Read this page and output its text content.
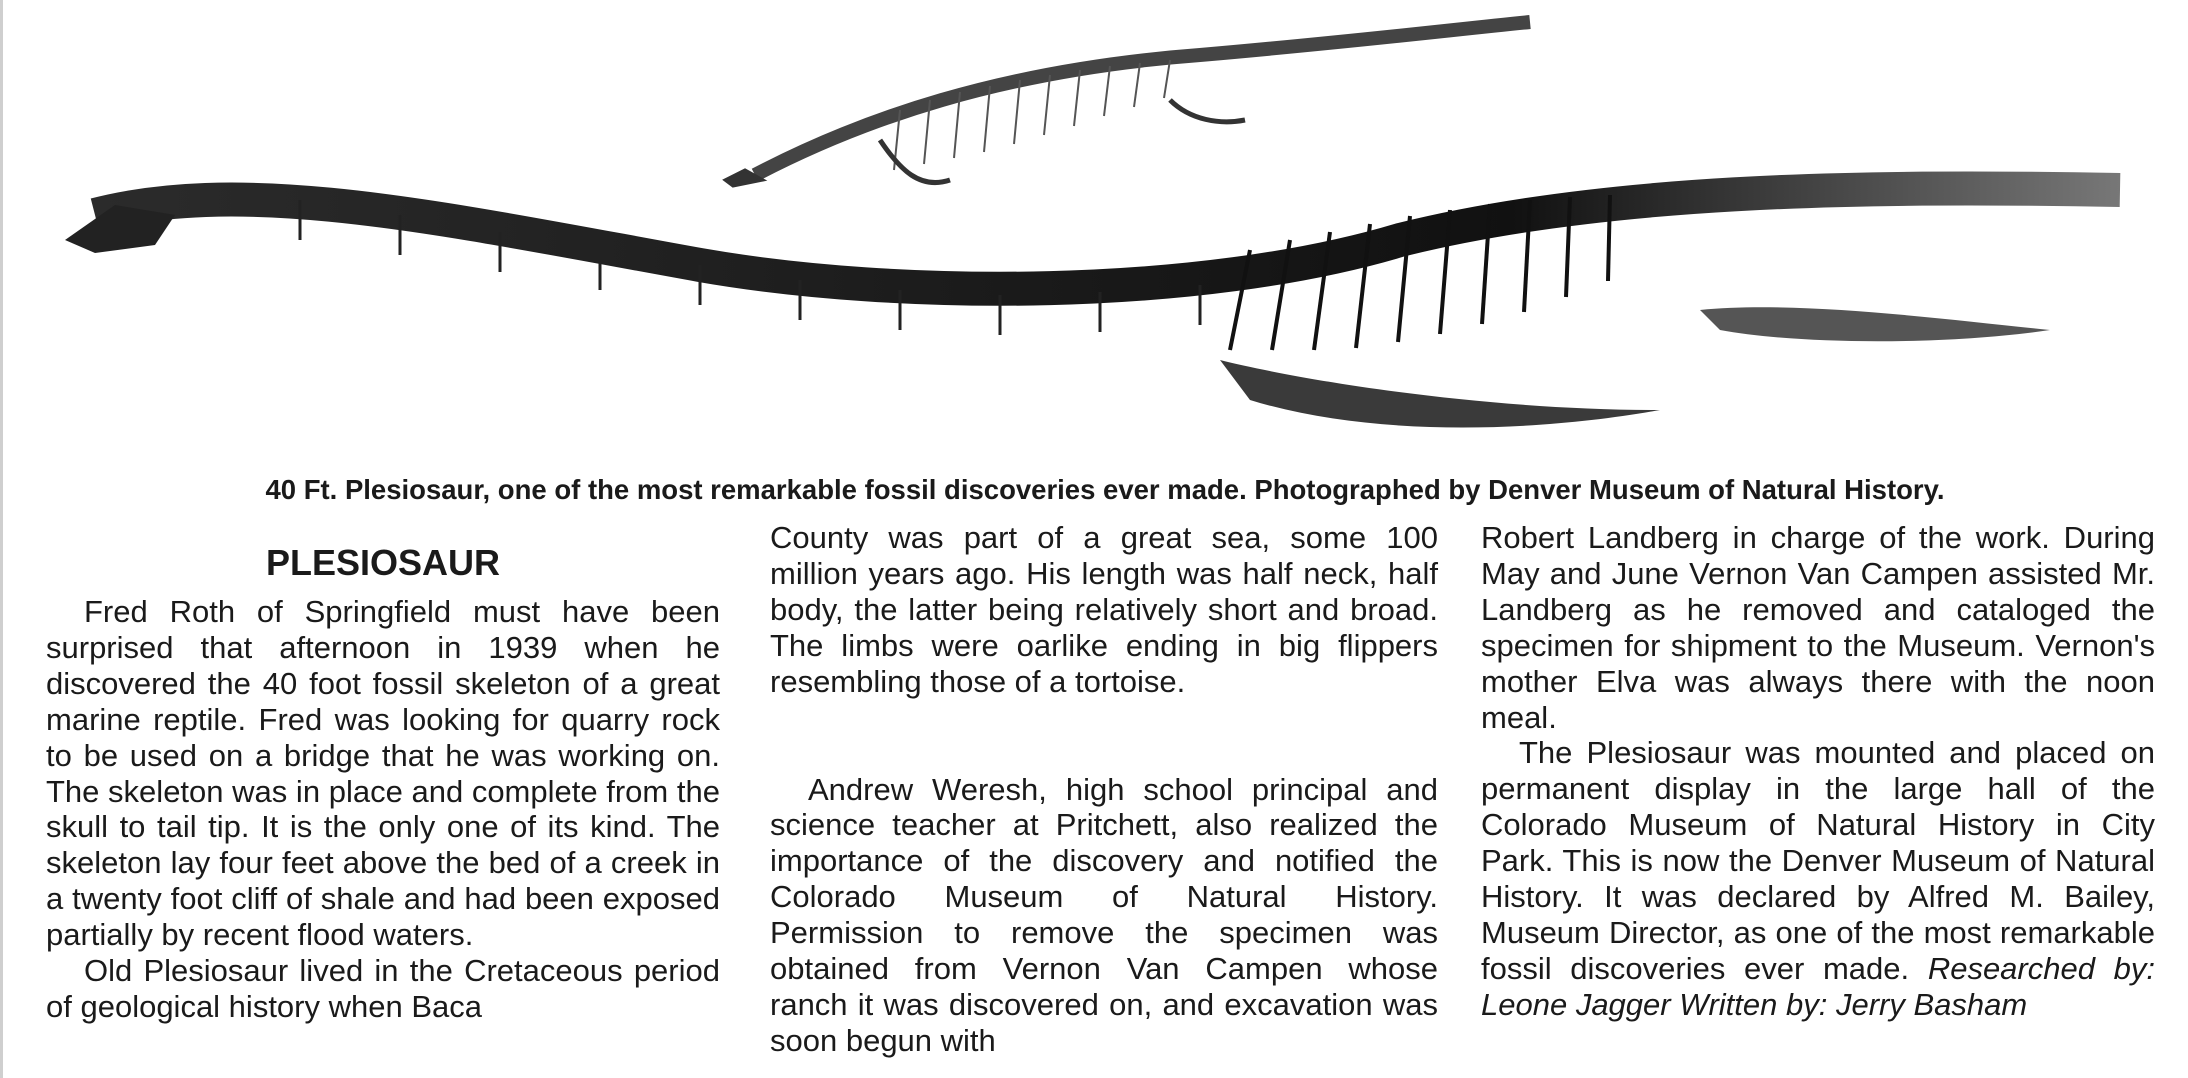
40 Ft. Plesiosaur, one of the most remarkable fossil discoveries ever made. Photographed by Denver Museum of Natural History.
PLESIOSAUR

Fred Roth of Springfield must have been surprised that afternoon in 1939 when he discovered the 40 foot fossil skeleton of a great marine reptile. Fred was looking for quarry rock to be used on a bridge that he was working on. The skeleton was in place and complete from the skull to tail tip. It is the only one of its kind. The skeleton lay four feet above the bed of a creek in a twenty foot cliff of shale and had been exposed partially by recent flood waters.

Old Plesiosaur lived in the Cretaceous period of geological history when Baca

County was part of a great sea, some 100 million years ago. His length was half neck, half body, the latter being relatively short and broad. The limbs were oarlike ending in big flippers resembling those of a tortoise.

Andrew Weresh, high school principal and science teacher at Pritchett, also realized the importance of the discovery and notified the Colorado Museum of Natural History. Permission to remove the specimen was obtained from Vernon Van Campen whose ranch it was discovered on, and excavation was soon begun with

Robert Landberg in charge of the work. During May and June Vernon Van Campen assisted Mr. Landberg as he removed and cataloged the specimen for shipment to the Museum. Vernon's mother Elva was always there with the noon meal.

The Plesiosaur was mounted and placed on permanent display in the large hall of the Colorado Museum of Natural History in City Park. This is now the Denver Museum of Natural History. It was declared by Alfred M. Bailey, Museum Director, as one of the most remarkable fossil discoveries ever made. Researched by: Leone Jagger Written by: Jerry Basham
